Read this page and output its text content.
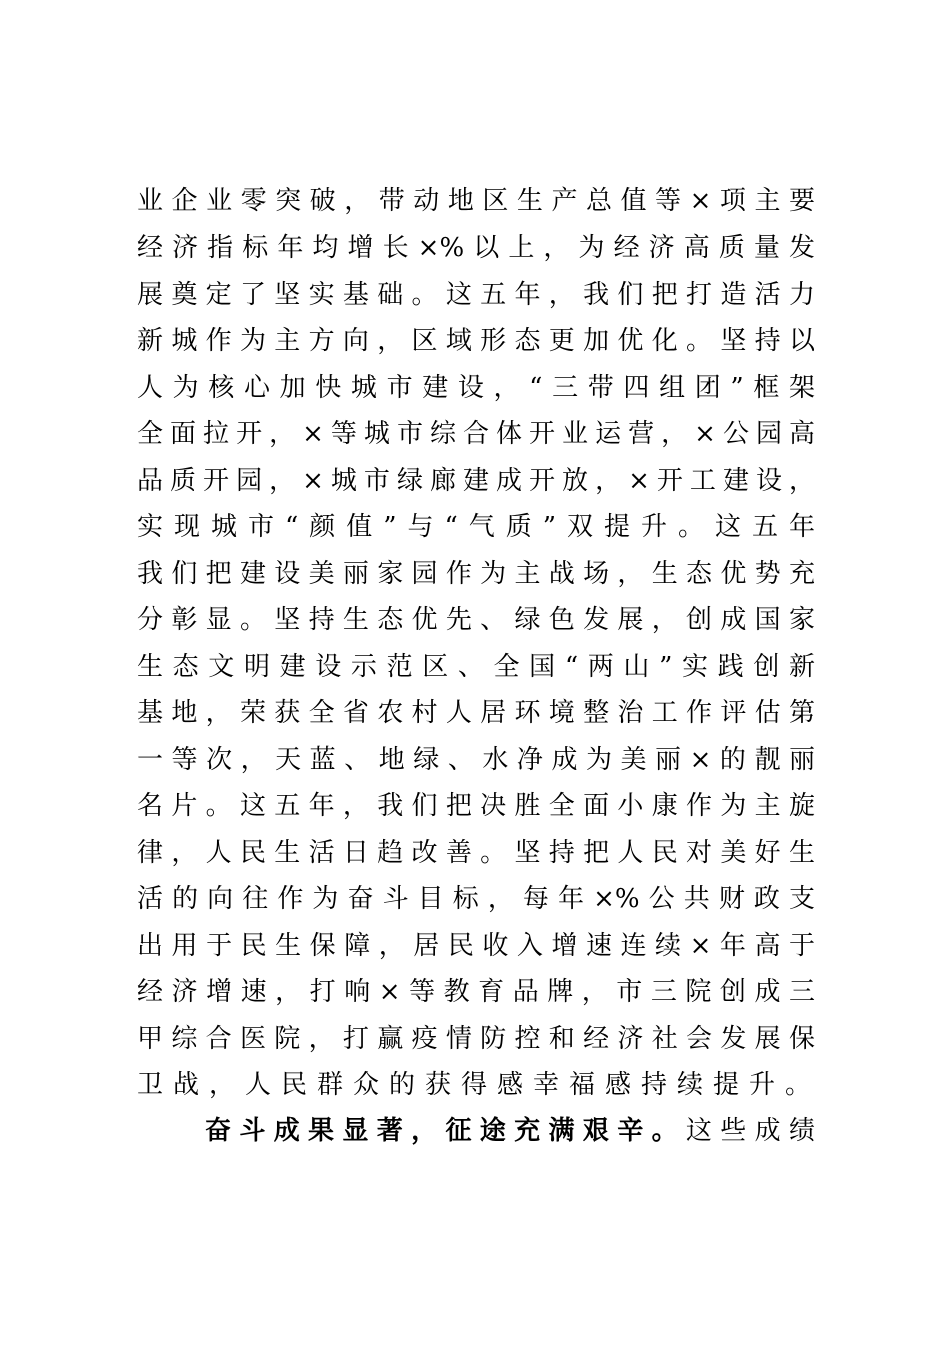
业企业零突破，带动地区生产总值等×项主要
经济指标年均增长×%以上，为经济高质量发
展奠定了坚实基础。这五年，我们把打造活力
新城作为主方向，区域形态更加优化。坚持以
人为核心加快城市建设，“三带四组团”框架
全面拉开，×等城市综合体开业运营，×公园高
品质开园，×城市绿廊建成开放，×开工建设，
实现城市“颜值”与“气质”双提升。这五年
我们把建设美丽家园作为主战场，生态优势充
分彰显。坚持生态优先、绿色发展，创成国家
生态文明建设示范区、全国“两山”实践创新
基地，荣获全省农村人居环境整治工作评估第
一等次，天蓝、地绿、水净成为美丽×的靓丽
名片。这五年，我们把决胜全面小康作为主旋
律，人民生活日趋改善。坚持把人民对美好生
活的向往作为奋斗目标，每年×%公共财政支
出用于民生保障，居民收入增速连续×年高于
经济增速，打响×等教育品牌，市三院创成三
甲综合医院，打赢疫情防控和经济社会发展保
卫战，人民群众的获得感幸福感持续提升。
奋斗成果显著，征途充满艰辛。这些成绩
